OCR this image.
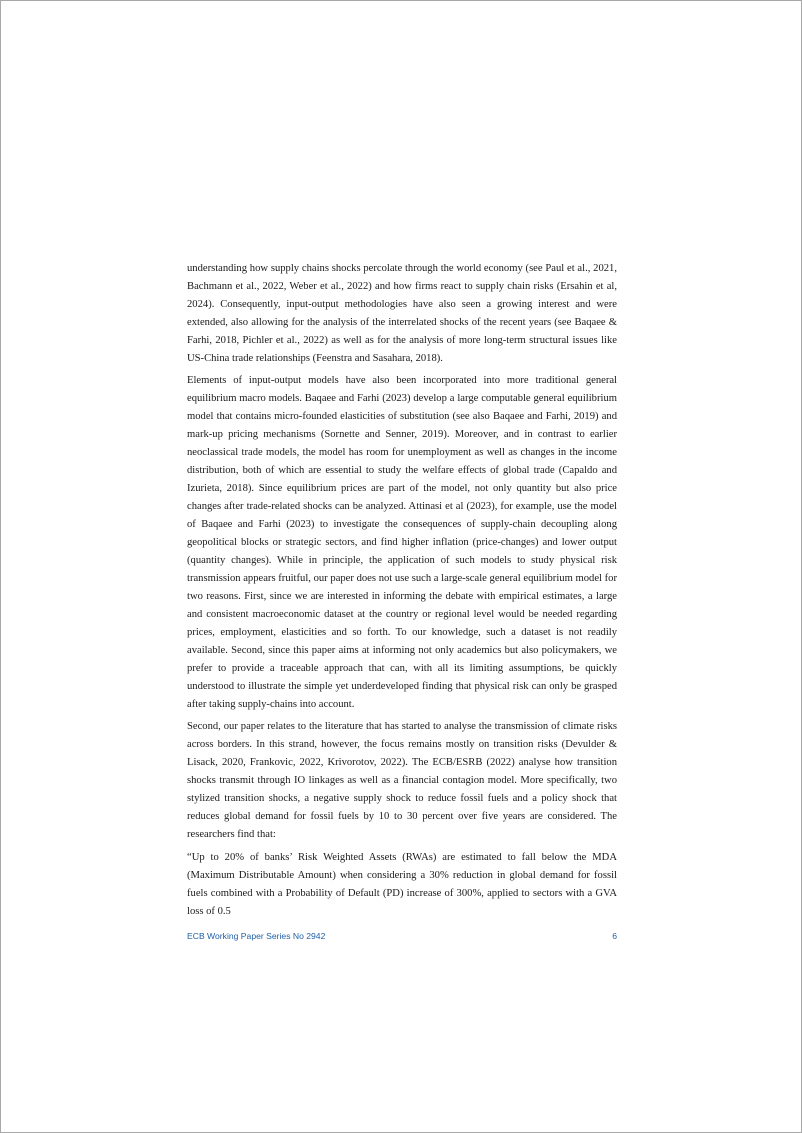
understanding how supply chains shocks percolate through the world economy (see Paul et al., 2021, Bachmann et al., 2022, Weber et al., 2022) and how firms react to supply chain risks (Ersahin et al, 2024). Consequently, input-output methodologies have also seen a growing interest and were extended, also allowing for the analysis of the interrelated shocks of the recent years (see Baqaee & Farhi, 2018, Pichler et al., 2022) as well as for the analysis of more long-term structural issues like US-China trade relationships (Feenstra and Sasahara, 2018).

Elements of input-output models have also been incorporated into more traditional general equilibrium macro models. Baqaee and Farhi (2023) develop a large computable general equilibrium model that contains micro-founded elasticities of substitution (see also Baqaee and Farhi, 2019) and mark-up pricing mechanisms (Sornette and Senner, 2019). Moreover, and in contrast to earlier neoclassical trade models, the model has room for unemployment as well as changes in the income distribution, both of which are essential to study the welfare effects of global trade (Capaldo and Izurieta, 2018). Since equilibrium prices are part of the model, not only quantity but also price changes after trade-related shocks can be analyzed. Attinasi et al (2023), for example, use the model of Baqaee and Farhi (2023) to investigate the consequences of supply-chain decoupling along geopolitical blocks or strategic sectors, and find higher inflation (price-changes) and lower output (quantity changes). While in principle, the application of such models to study physical risk transmission appears fruitful, our paper does not use such a large-scale general equilibrium model for two reasons. First, since we are interested in informing the debate with empirical estimates, a large and consistent macroeconomic dataset at the country or regional level would be needed regarding prices, employment, elasticities and so forth. To our knowledge, such a dataset is not readily available. Second, since this paper aims at informing not only academics but also policymakers, we prefer to provide a traceable approach that can, with all its limiting assumptions, be quickly understood to illustrate the simple yet underdeveloped finding that physical risk can only be grasped after taking supply-chains into account.

Second, our paper relates to the literature that has started to analyse the transmission of climate risks across borders. In this strand, however, the focus remains mostly on transition risks (Devulder & Lisack, 2020, Frankovic, 2022, Krivorotov, 2022). The ECB/ESRB (2022) analyse how transition shocks transmit through IO linkages as well as a financial contagion model. More specifically, two stylized transition shocks, a negative supply shock to reduce fossil fuels and a policy shock that reduces global demand for fossil fuels by 10 to 30 percent over five years are considered. The researchers find that:

“Up to 20% of banks’ Risk Weighted Assets (RWAs) are estimated to fall below the MDA (Maximum Distributable Amount) when considering a 30% reduction in global demand for fossil fuels combined with a Probability of Default (PD) increase of 300%, applied to sectors with a GVA loss of 0.5

ECB Working Paper Series No 2942	6
